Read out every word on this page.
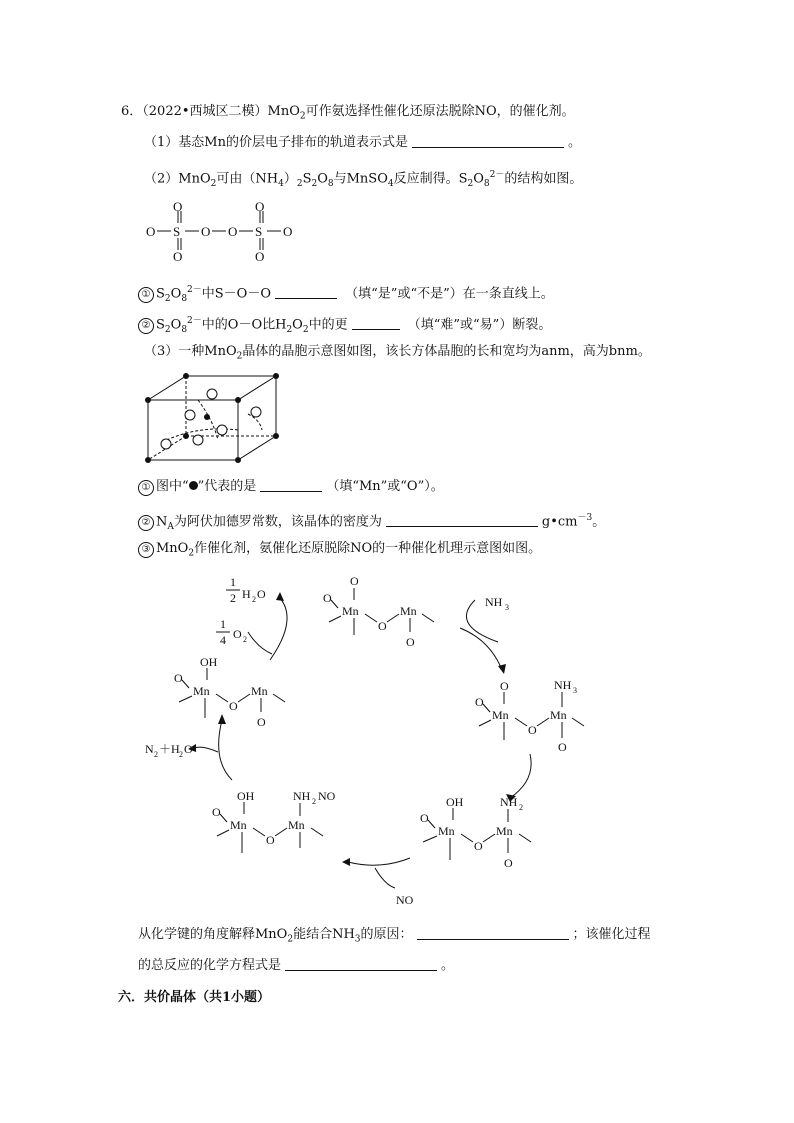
6．（2022•西城区二模）MnO$_2$可作氨选择性催化还原法脱除NO，的催化剂。
（1）基态Mn的价层电子排布的轨道表示式是	。
（2）MnO$_2$可由$(NH_4)_2S_2O_8$与MnSO$_4$反应制得。$S_2O_8^{2-}$的结构如图。
O S
O
O
O O S
O
O
O
① $S_2O_8^{2-}$中S－O－O	（填“是”或“不是”）在一条直线上。
② $S_2O_8^{2-}$中的O－O比$H_2O_2$中的更	（填“难”或“易”）断裂。
（3）一种MnO$_2$晶体的晶胞示意图如图，该长方体晶胞的长和宽均为anm，高为bnm。
① 图中“ ”代表的是	（填“Mn”或“O”）。
② $N_A$为阿伏加德罗常数，该晶体的密度为	$g•cm^{-3}$。
③ MnO$_2$作催化剂，氨催化还原脱除NO的一种催化机理示意图如图。
O
O
Mn
O
Mn
O
NH 3
O
O
Mn
O
Mn
NH 3
O
OH
O
Mn
O
Mn
NH 2
O
NO
OH
O
Mn
O
Mn
NH 2 NO
N 2 ＋H 2 O
OH
O
Mn
O
Mn
O
1
2 H 2 O
1
4 O 2
从化学键的角度解释MnO$_2$能结合$NH_3$的原因：	；该催化过程
的总反应的化学方程式是	。
六．共价晶体（共1小题）
